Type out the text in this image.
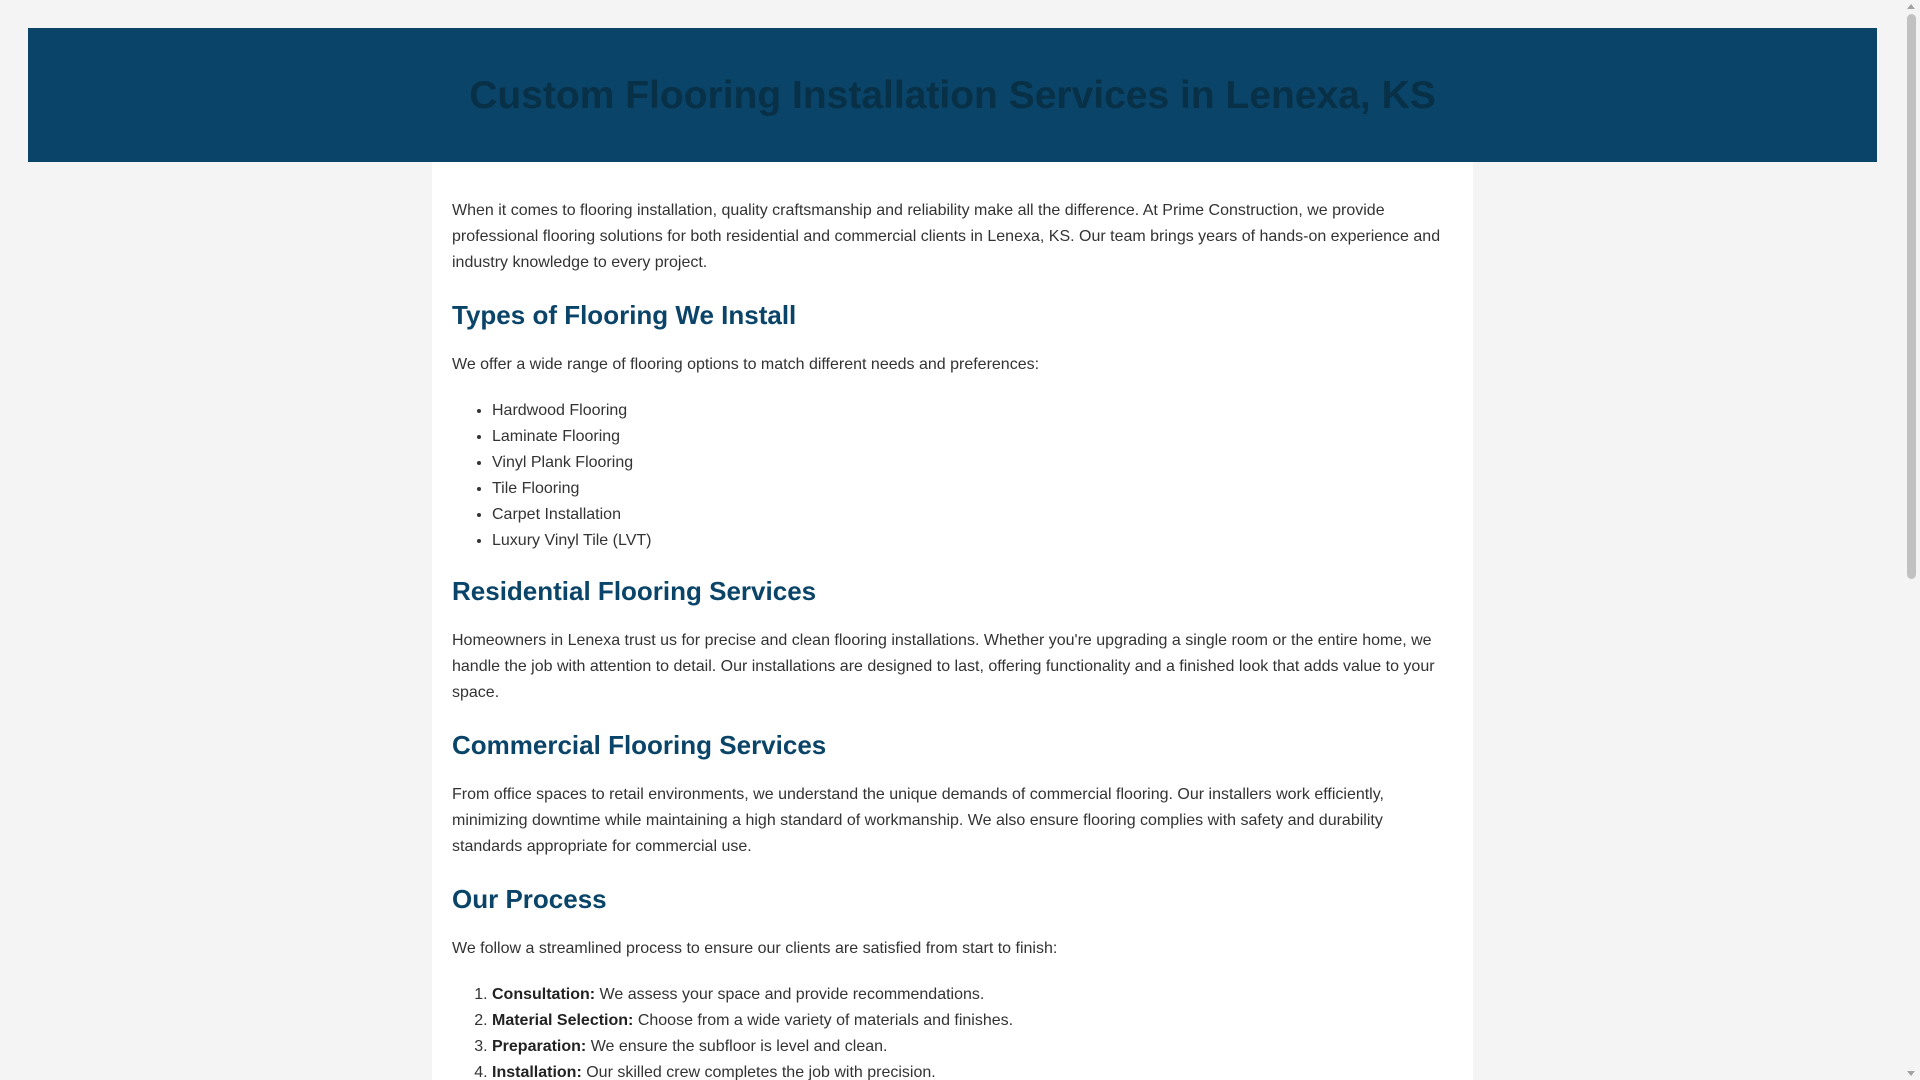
Custom Flooring Installation Services in Lenexa, KS

When it comes to flooring installation, quality craftsmanship and reliability make all the difference. At Prime Construction, we provide professional flooring solutions for both residential and commercial clients in Lenexa, KS. Our team brings years of hands-on experience and industry knowledge to every project.

Types of Flooring We Install

We offer a wide range of flooring options to match different needs and preferences:

• Hardwood Flooring
• Laminate Flooring
• Vinyl Plank Flooring
• Tile Flooring
• Carpet Installation
• Luxury Vinyl Tile (LVT)
Residential Flooring Services

Homeowners in Lenexa trust us for precise and clean flooring installations. Whether you're upgrading a single room or the entire home, we handle the job with attention to detail. Our installations are designed to last, offering functionality and a finished look that adds value to your space.

Commercial Flooring Services

From office spaces to retail environments, we understand the unique demands of commercial flooring. Our installers work efficiently, minimizing downtime while maintaining a high standard of workmanship. We also ensure flooring complies with safety and durability standards appropriate for commercial use.

Our Process

We follow a streamlined process to ensure our clients are satisfied from start to finish:

1. Consultation: We assess your space and provide recommendations.
2. Material Selection: Choose from a wide variety of materials and finishes.
3. Preparation: We ensure the subfloor is level and clean.
4. Installation: Our skilled crew completes the job with precision.
